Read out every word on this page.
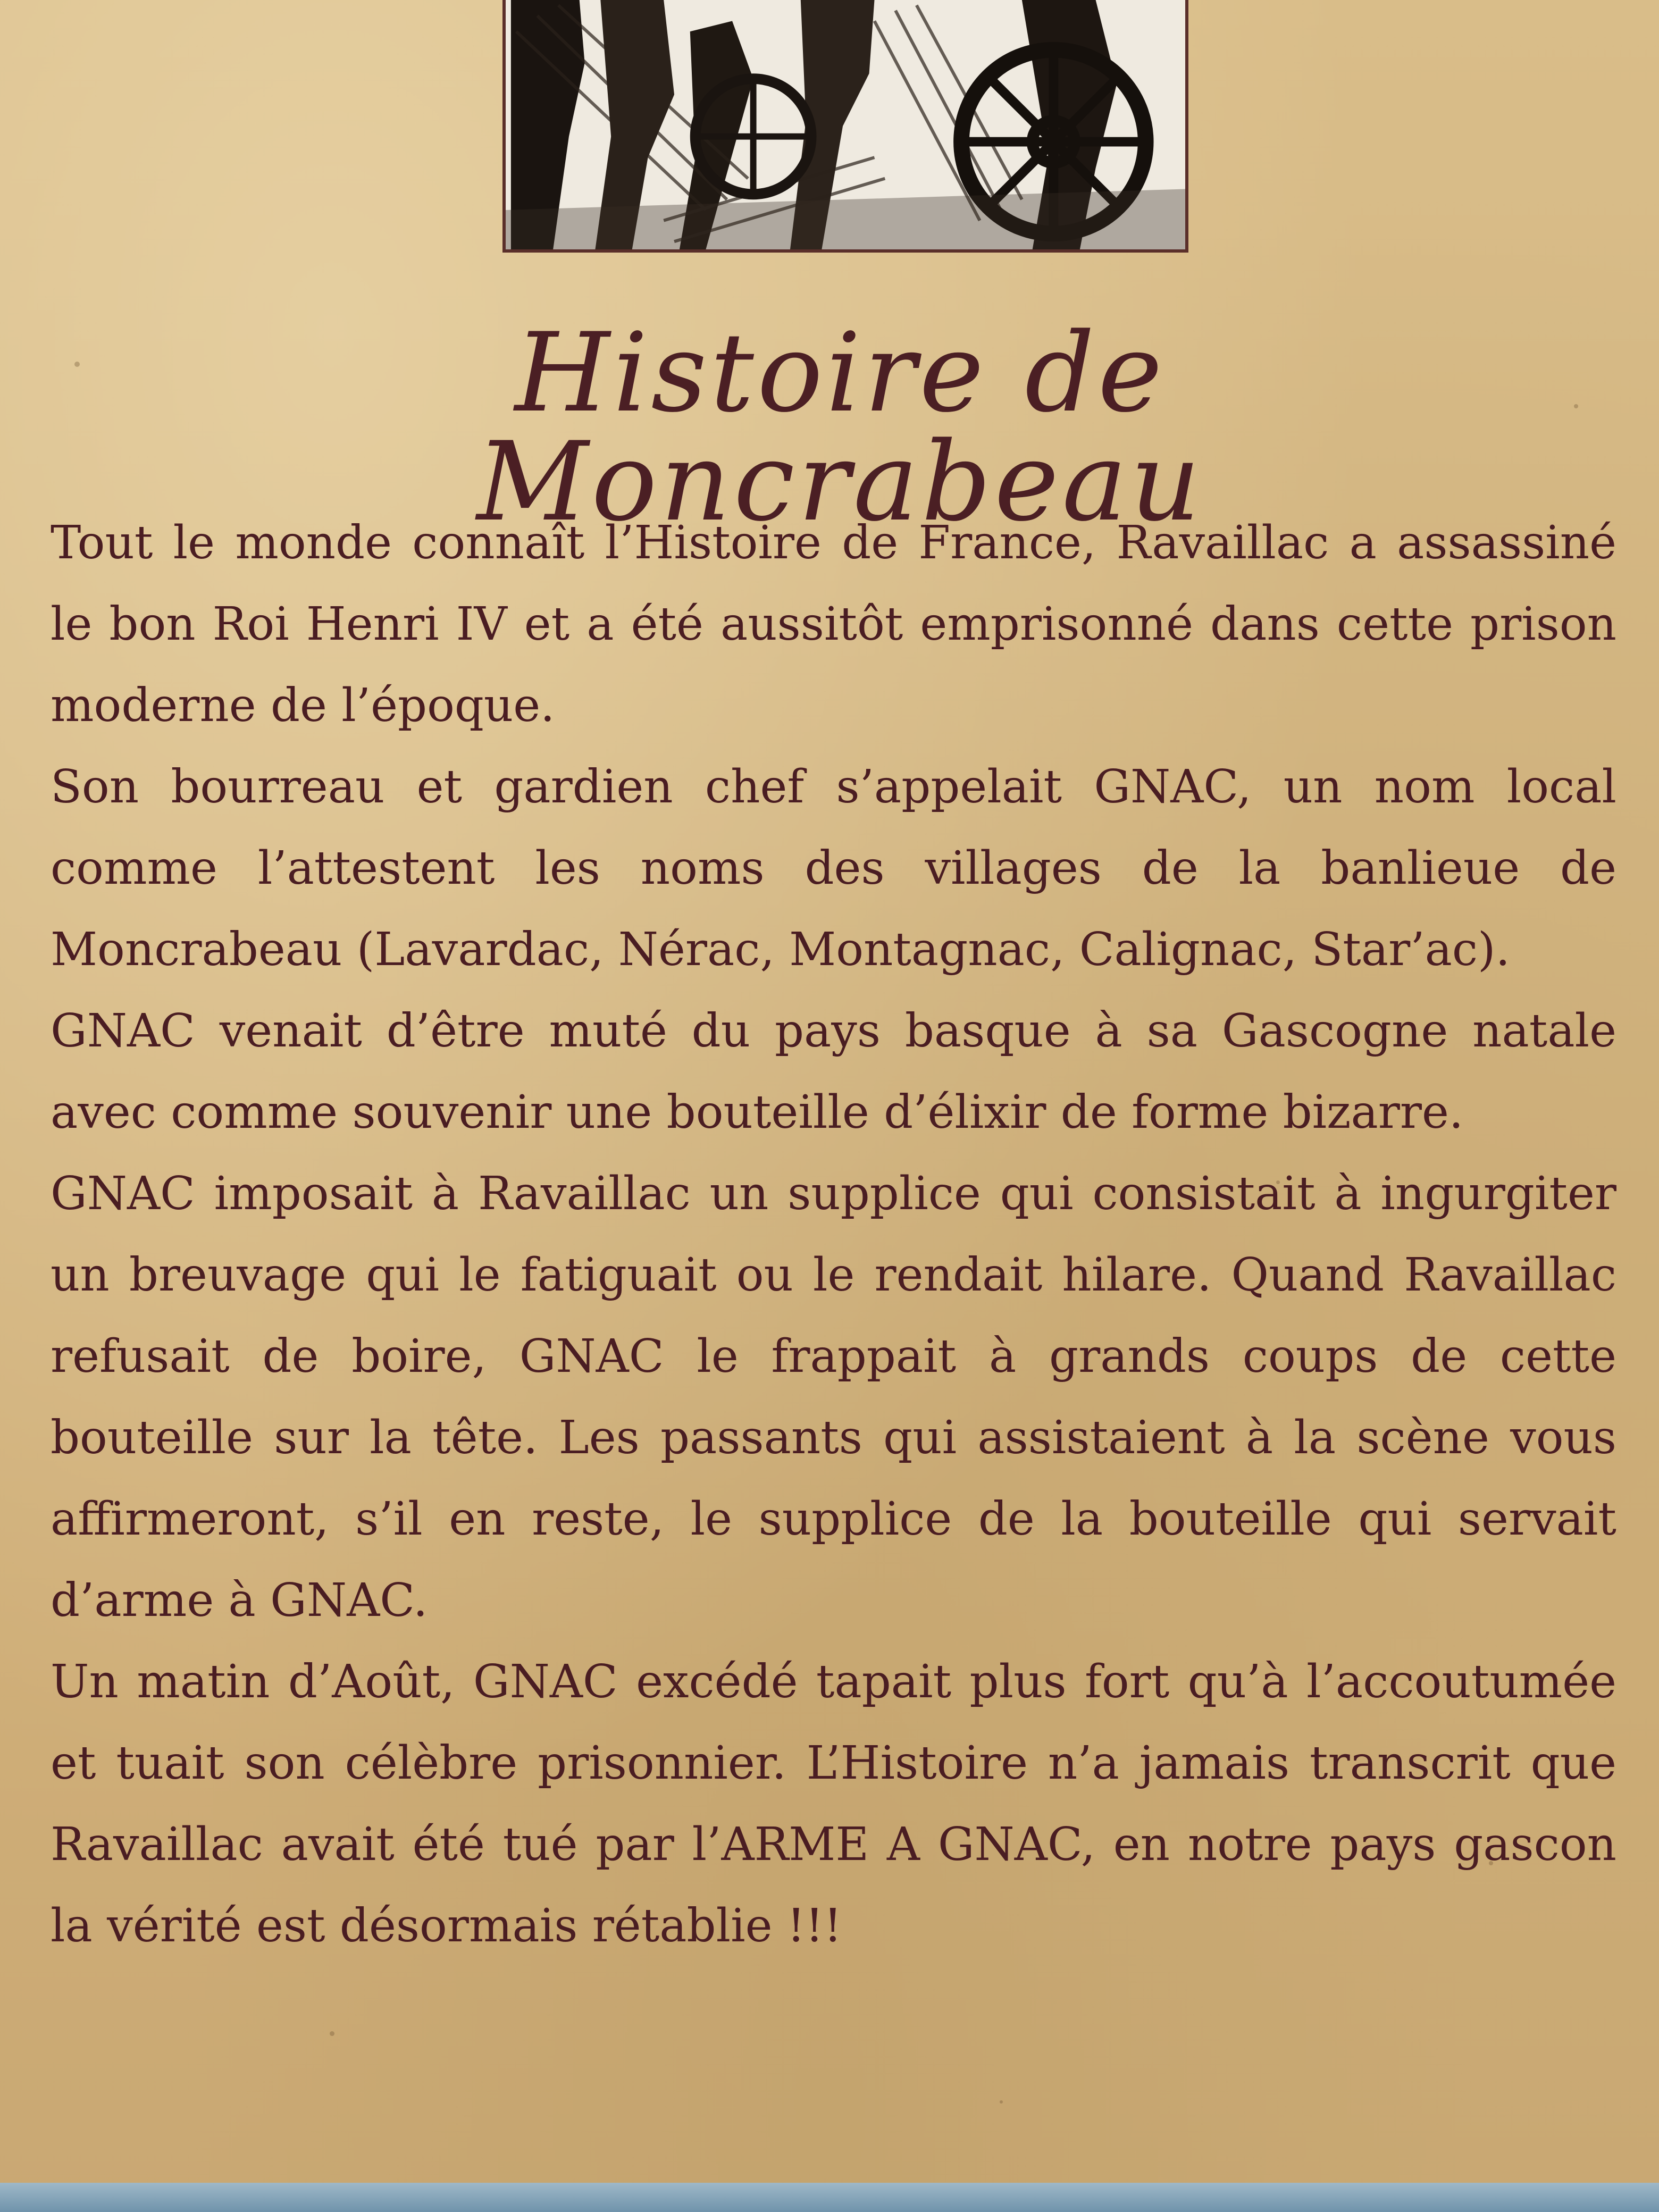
Histoire de Moncrabeau

Tout le monde connaît l’Histoire de France, Ravaillac a assassiné le bon Roi Henri IV et a été aussitôt emprisonné dans cette prison moderne de l’époque.

Son bourreau et gardien chef s’appelait GNAC, un nom local comme l’attestent les noms des villages de la banlieue de Moncrabeau (Lavardac, Nérac, Montagnac, Calignac, Star’ac).

GNAC venait d’être muté du pays basque à sa Gascogne natale avec comme souvenir une bouteille d’élixir de forme bizarre.

GNAC imposait à Ravaillac un supplice qui consistait à ingurgiter un breuvage qui le fatiguait ou le rendait hilare. Quand Ravaillac refusait de boire, GNAC le frappait à grands coups de cette bouteille sur la tête. Les passants qui assistaient à la scène vous affirmeront, s’il en reste, le supplice de la bouteille qui servait d’arme à GNAC.

Un matin d’Août, GNAC excédé tapait plus fort qu’à l’accoutumée et tuait son célèbre prisonnier. L’Histoire n’a jamais transcrit que Ravaillac avait été tué par l’ARME A GNAC, en notre pays gascon la vérité est désormais rétablie !!!
